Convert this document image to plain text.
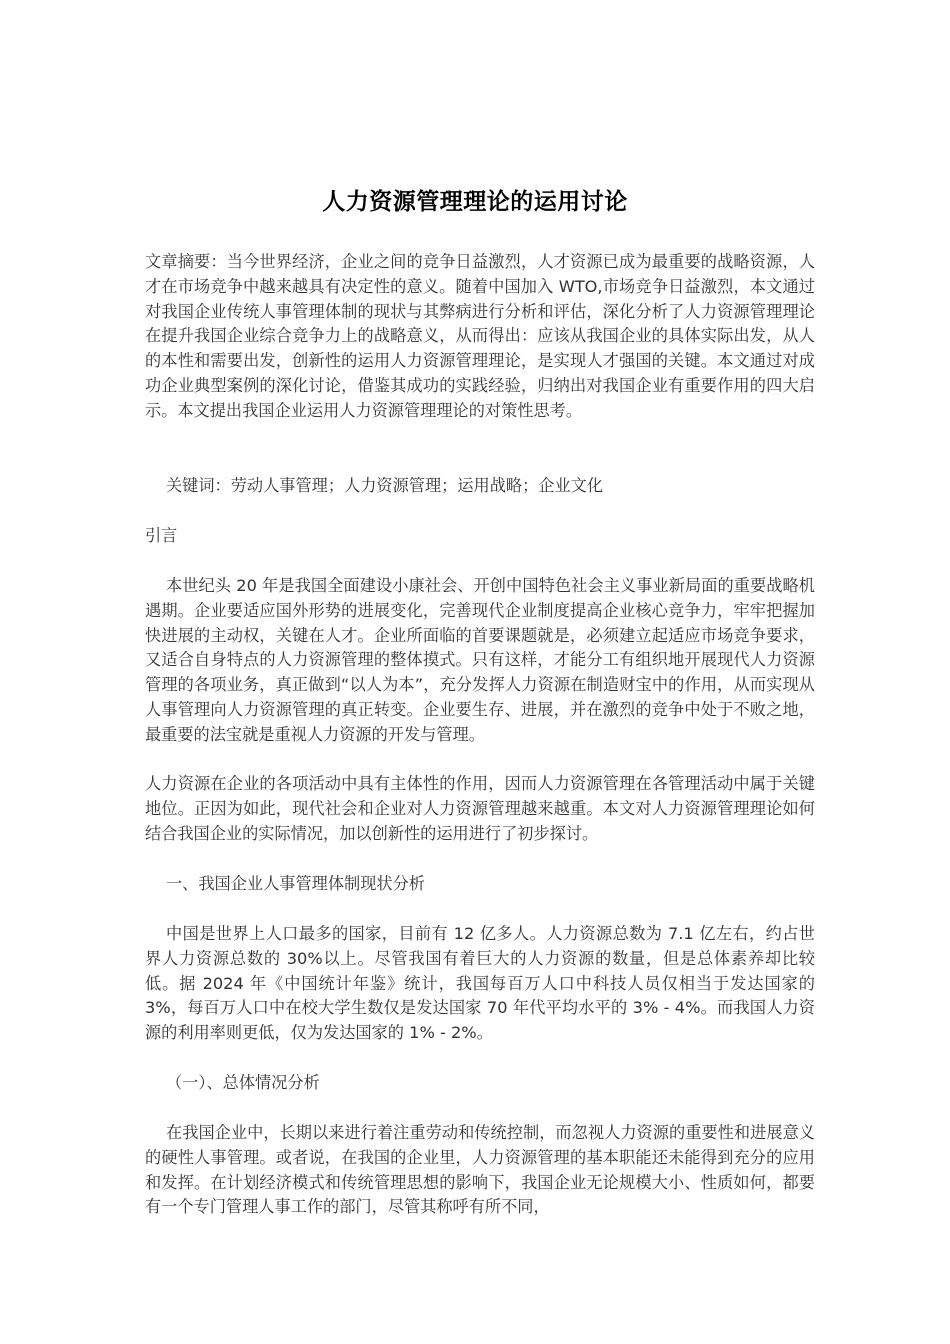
人力资源管理理论的运用讨论

文章摘要：当今世界经济，企业之间的竞争日益激烈，人才资源已成为最重要的战略资源，人才在市场竞争中越来越具有决定性的意义。随着中国加入 WTO,市场竞争日益激烈，本文通过对我国企业传统人事管理体制的现状与其弊病进行分析和评估，深化分析了人力资源管理理论在提升我国企业综合竞争力上的战略意义，从而得出：应该从我国企业的具体实际出发，从人的本性和需要出发，创新性的运用人力资源管理理论，是实现人才强国的关键。本文通过对成功企业典型案例的深化讨论，借鉴其成功的实践经验，归纳出对我国企业有重要作用的四大启示。本文提出我国企业运用人力资源管理理论的对策性思考。

关键词：劳动人事管理；人力资源管理；运用战略；企业文化

引言

本世纪头 20 年是我国全面建设小康社会、开创中国特色社会主义事业新局面的重要战略机遇期。企业要适应国外形势的进展变化，完善现代企业制度提高企业核心竞争力，牢牢把握加快进展的主动权，关键在人才。企业所面临的首要课题就是，必须建立起适应市场竞争要求，又适合自身特点的人力资源管理的整体摸式。只有这样，才能分工有组织地开展现代人力资源管理的各项业务，真正做到“以人为本”，充分发挥人力资源在制造财宝中的作用，从而实现从人事管理向人力资源管理的真正转变。企业要生存、进展，并在激烈的竞争中处于不败之地，最重要的法宝就是重视人力资源的开发与管理。

人力资源在企业的各项活动中具有主体性的作用，因而人力资源管理在各管理活动中属于关键地位。正因为如此，现代社会和企业对人力资源管理越来越重。本文对人力资源管理理论如何结合我国企业的实际情况，加以创新性的运用进行了初步探讨。

一、我国企业人事管理体制现状分析

中国是世界上人口最多的国家，目前有 12 亿多人。人力资源总数为 7.1 亿左右，约占世界人力资源总数的 30%以上。尽管我国有着巨大的人力资源的数量，但是总体素养却比较低。据 2024 年《中国统计年鉴》统计，我国每百万人口中科技人员仅相当于发达国家的 3%，每百万人口中在校大学生数仅是发达国家 70 年代平均水平的 3% - 4%。而我国人力资源的利用率则更低，仅为发达国家的 1% - 2%。

（一）、总体情况分析

在我国企业中，长期以来进行着注重劳动和传统控制，而忽视人力资源的重要性和进展意义的硬性人事管理。或者说，在我国的企业里，人力资源管理的基本职能还未能得到充分的应用和发挥。在计划经济模式和传统管理思想的影响下，我国企业无论规模大小、性质如何，都要有一个专门管理人事工作的部门，尽管其称呼有所不同，
